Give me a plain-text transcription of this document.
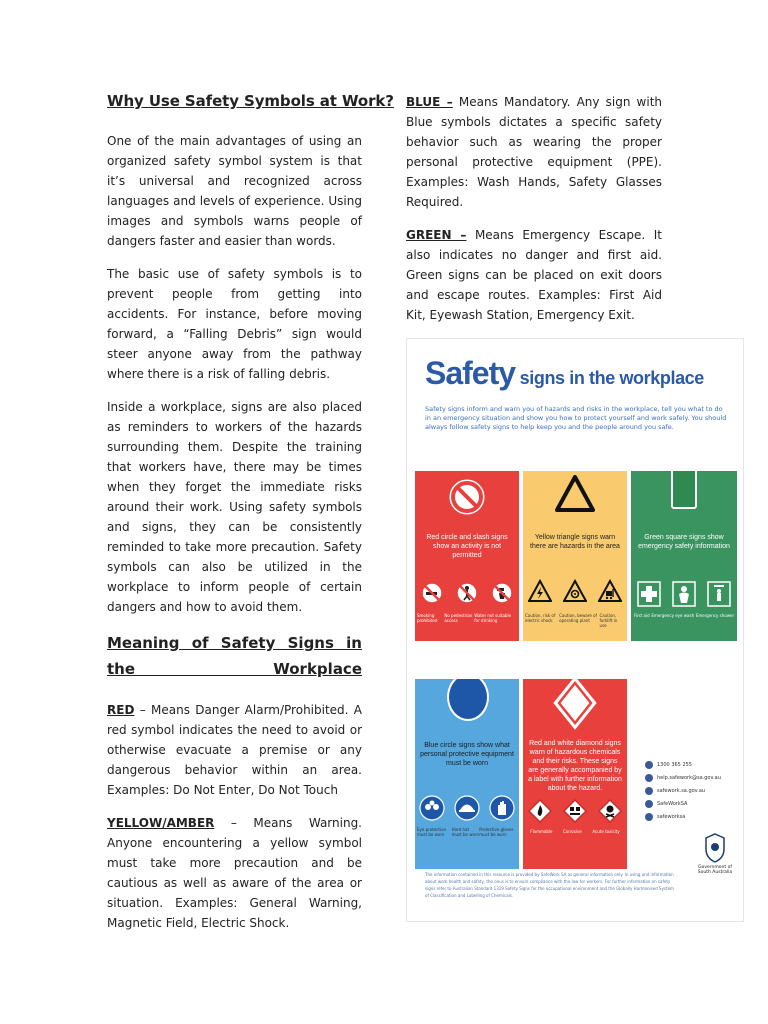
Why Use Safety Symbols at Work?

One of the main advantages of using an organized safety symbol system is that it’s universal and recognized across languages and levels of experience. Using images and symbols warns people of dangers faster and easier than words.

The basic use of safety symbols is to prevent people from getting into accidents. For instance, before moving forward, a “Falling Debris” sign would steer anyone away from the pathway where there is a risk of falling debris.

Inside a workplace, signs are also placed as reminders to workers of the hazards surrounding them. Despite the training that workers have, there may be times when they forget the immediate risks around their work. Using safety symbols and signs, they can be consistently reminded to take more precaution. Safety symbols can also be utilized in the workplace to inform people of certain dangers and how to avoid them.

Meaning of Safety Signs in the Workplace

RED – Means Danger Alarm/Prohibited. A red symbol indicates the need to avoid or otherwise evacuate a premise or any dangerous behavior within an area. Examples: Do Not Enter, Do Not Touch

YELLOW/AMBER – Means Warning. Anyone encountering a yellow symbol must take more precaution and be cautious as well as aware of the area or situation. Examples: General Warning, Magnetic Field, Electric Shock.

BLUE – Means Mandatory. Any sign with Blue symbols dictates a specific safety behavior such as wearing the proper personal protective equipment (PPE). Examples: Wash Hands, Safety Glasses Required.

GREEN – Means Emergency Escape. It also indicates no danger and first aid. Green signs can be placed on exit doors and escape routes. Examples: First Aid Kit, Eyewash Station, Emergency Exit.

Safety signs in the workplace
Safety signs inform and warn you of hazards and risks in the workplace, tell you what to do in an emergency situation and show you how to protect yourself and work safely. You should always follow safety signs to help keep you and the people around you safe.
Red circle and slash signs show an activity is not permitted
Smoking prohibited
No pedestrian access
Water not suitable for drinking
Yellow triangle signs warn there are hazards in the area
Caution, risk of electric shock
Caution, beware of operating plant
Caution, forklift in use
Green square signs show emergency safety information
First aid Emergency eye wash Emergency shower
Blue circle signs show what personal protective equipment must be worn
Eye protection must be worn
Hard hat must be worn
Protective gloves must be worn
Red and white diamond signs warn of hazardous chemicals and their risks. These signs are generally accompanied by a label with further information about the hazard.
Flammable	Corrosive	Acute toxicity
1300 365 255
help.safework@sa.gov.au
safework.sa.gov.au
SafeWorkSA
safeworksa
Government of South Australia
The information contained in this resource is provided by SafeWork SA as general information only. In using and information about work health and safety, the onus is to ensure compliance with the law for workers. For further information on safety signs refer to Australian Standard 1319 Safety Signs for the occupational environment and the Globally Harmonised System of Classification and Labelling of Chemicals.
